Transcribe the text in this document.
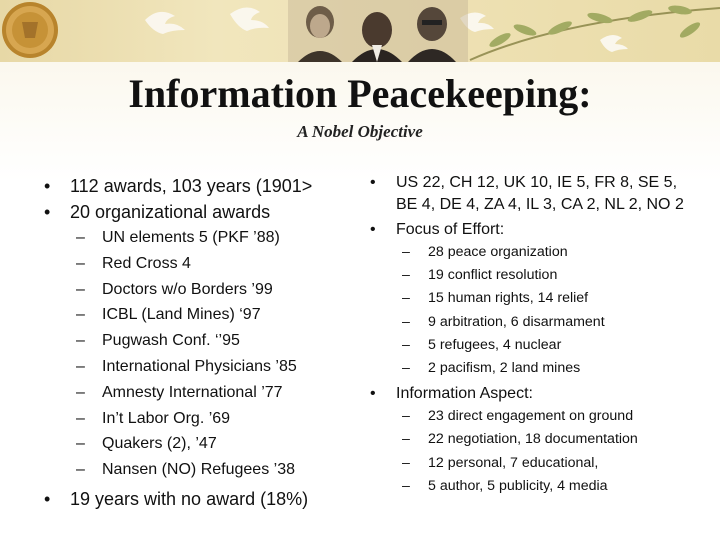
Information Peacekeeping:
A Nobel Objective
• 112 awards, 103 years (1901>
• 20 organizational awards
– UN elements 5 (PKF ’88)
– Red Cross 4
– Doctors w/o Borders ’99
– ICBL (Land Mines) ‘97
– Pugwash Conf. ‘’95
– International Physicians ’85
– Amnesty International ’77
– In’t Labor Org. ’69
– Quakers (2), ’47
– Nansen (NO) Refugees ’38
• 19 years with no award (18%)
• US 22, CH 12, UK 10, IE 5, FR 8, SE 5, BE 4, DE 4, ZA 4, IL 3, CA 2, NL 2, NO 2
• Focus of Effort:
– 28 peace organization
– 19 conflict resolution
– 15 human rights, 14 relief
– 9 arbitration, 6 disarmament
– 5 refugees, 4 nuclear
– 2 pacifism, 2 land mines
• Information Aspect:
– 23 direct engagement on ground
– 22 negotiation, 18 documentation
– 12 personal, 7 educational,
– 5 author, 5 publicity, 4 media
